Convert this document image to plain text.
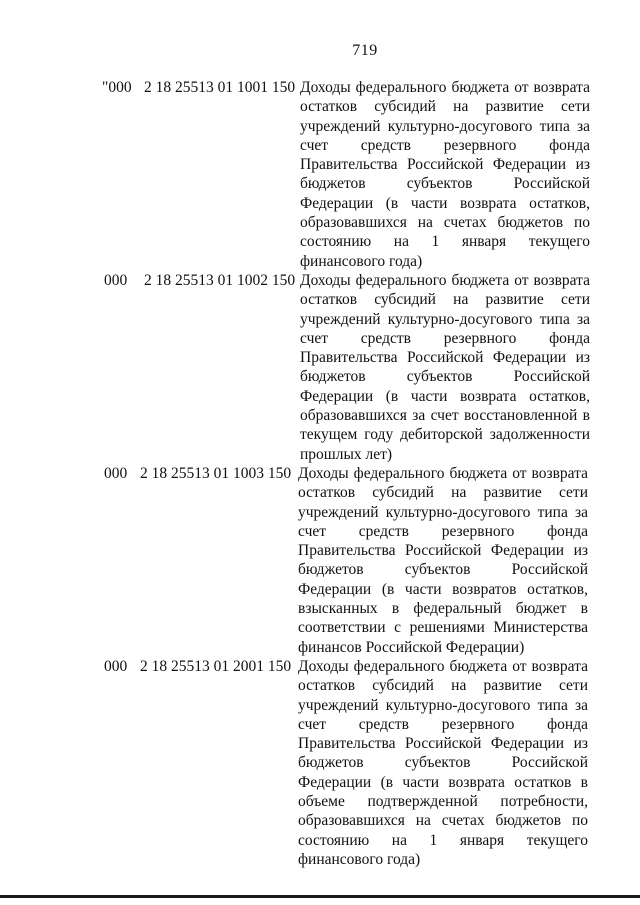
719
"000 2 18 25513 01 1001 150 Доходы федерального бюджета от возврата остатков субсидий на развитие сети учреждений культурно-досугового типа за счет средств резервного фонда Правительства Российской Федерации из бюджетов субъектов Российской Федерации (в части возврата остатков, образовавшихся на счетах бюджетов по состоянию на 1 января текущего финансового года)
000 2 18 25513 01 1002 150 Доходы федерального бюджета от возврата остатков субсидий на развитие сети учреждений культурно-досугового типа за счет средств резервного фонда Правительства Российской Федерации из бюджетов субъектов Российской Федерации (в части возврата остатков, образовавшихся за счет восстановленной в текущем году дебиторской задолженности прошлых лет)
000 2 18 25513 01 1003 150 Доходы федерального бюджета от возврата остатков субсидий на развитие сети учреждений культурно-досугового типа за счет средств резервного фонда Правительства Российской Федерации из бюджетов субъектов Российской Федерации (в части возвратов остатков, взысканных в федеральный бюджет в соответствии с решениями Министерства финансов Российской Федерации)
000 2 18 25513 01 2001 150 Доходы федерального бюджета от возврата остатков субсидий на развитие сети учреждений культурно-досугового типа за счет средств резервного фонда Правительства Российской Федерации из бюджетов субъектов Российской Федерации (в части возврата остатков в объеме подтвержденной потребности, образовавшихся на счетах бюджетов по состоянию на 1 января текущего финансового года)
